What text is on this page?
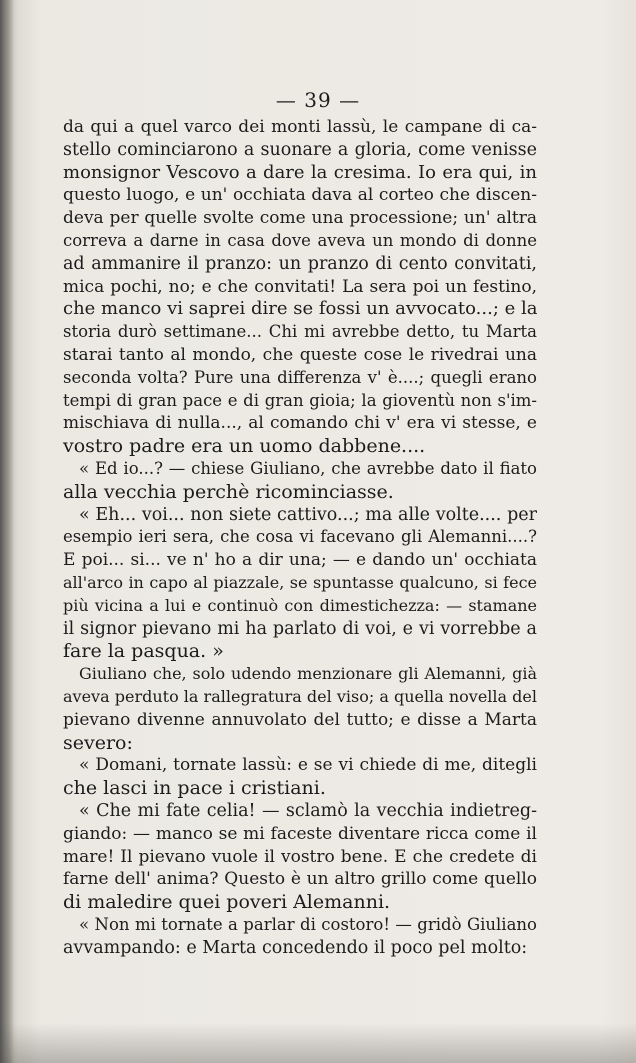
— 39 —
da qui a quel varco dei monti lassù, le campane di ca-
stello cominciarono a suonare a gloria, come venisse
monsignor Vescovo a dare la cresima. Io era qui, in
questo luogo, e un' occhiata dava al corteo che discen-
deva per quelle svolte come una processione; un' altra
correva a darne in casa dove aveva un mondo di donne
ad ammanire il pranzo: un pranzo di cento convitati,
mica pochi, no; e che convitati! La sera poi un festino,
che manco vi saprei dire se fossi un avvocato...; e la
storia durò settimane... Chi mi avrebbe detto, tu Marta
starai tanto al mondo, che queste cose le rivedrai una
seconda volta? Pure una differenza v' è....; quegli erano
tempi di gran pace e di gran gioia; la gioventù non s'im-
mischiava di nulla..., al comando chi v' era vi stesse, e
vostro padre era un uomo dabbene....
« Ed io...? — chiese Giuliano, che avrebbe dato il fiato
alla vecchia perchè ricominciasse.
« Eh... voi... non siete cattivo...; ma alle volte.... per
esempio ieri sera, che cosa vi facevano gli Alemanni....?
E poi... si... ve n' ho a dir una; — e dando un' occhiata
all'arco in capo al piazzale, se spuntasse qualcuno, si fece
più vicina a lui e continuò con dimestichezza: — stamane
il signor pievano mi ha parlato di voi, e vi vorrebbe a
fare la pasqua. »
Giuliano che, solo udendo menzionare gli Alemanni, già
aveva perduto la rallegratura del viso; a quella novella del
pievano divenne annuvolato del tutto; e disse a Marta
severo:
« Domani, tornate lassù: e se vi chiede di me, ditegli
che lasci in pace i cristiani.
« Che mi fate celia! — sclamò la vecchia indietreg-
giando: — manco se mi faceste diventare ricca come il
mare! Il pievano vuole il vostro bene. E che credete di
farne dell' anima? Questo è un altro grillo come quello
di maledire quei poveri Alemanni.
« Non mi tornate a parlar di costoro! — gridò Giuliano
avvampando: e Marta concedendo il poco pel molto:
